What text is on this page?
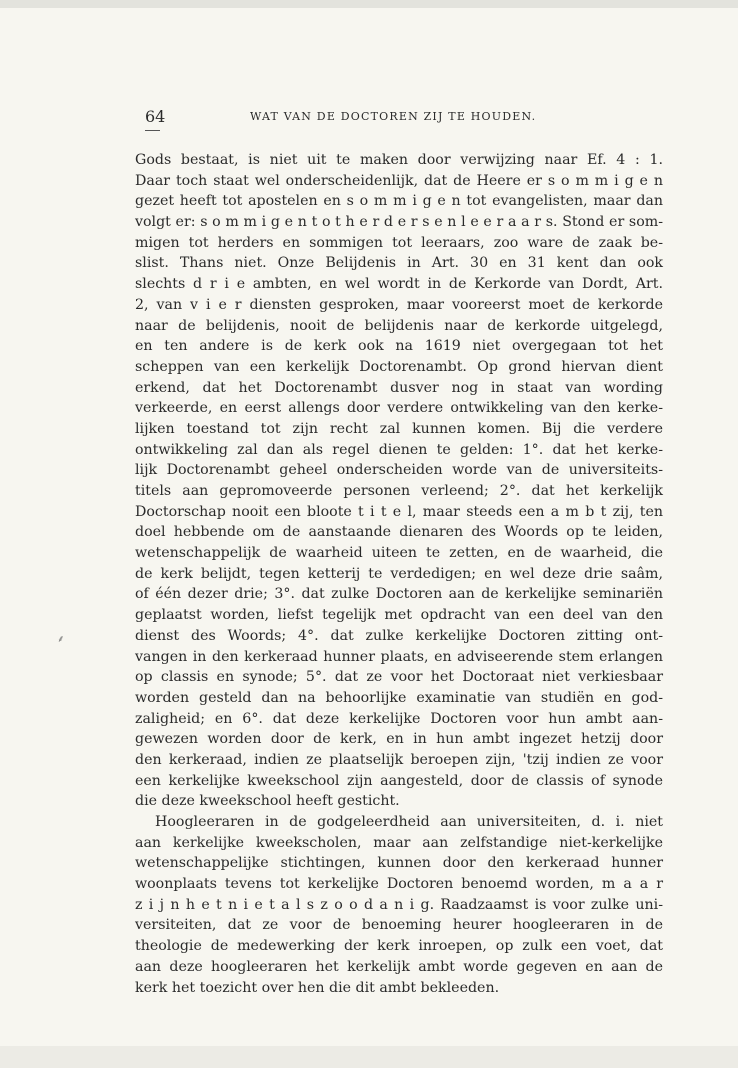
64	WAT VAN DE DOCTOREN ZIJ TE HOUDEN.
⸙
Gods bestaat, is niet uit te maken door verwijzing naar Ef. 4 : 1.
Daar toch staat wel onderscheidenlijk, dat de Heere er s o m m i g e n
gezet heeft tot apostelen en s o m m i g e n tot evangelisten, maar dan
volgt er: s o m m i g e n t o t h e r d e r s e n l e e r a a r s. Stond er som-
migen tot herders en sommigen tot leeraars, zoo ware de zaak be-
slist. Thans niet. Onze Belijdenis in Art. 30 en 31 kent dan ook
slechts d r i e ambten, en wel wordt in de Kerkorde van Dordt, Art.
2, van v i e r diensten gesproken, maar vooreerst moet de kerkorde
naar de belijdenis, nooit de belijdenis naar de kerkorde uitgelegd,
en ten andere is de kerk ook na 1619 niet overgegaan tot het
scheppen van een kerkelijk Doctorenambt. Op grond hiervan dient
erkend, dat het Doctorenambt dusver nog in staat van wording
verkeerde, en eerst allengs door verdere ontwikkeling van den kerke-
lijken toestand tot zijn recht zal kunnen komen. Bij die verdere
ontwikkeling zal dan als regel dienen te gelden: 1°. dat het kerke-
lijk Doctorenambt geheel onderscheiden worde van de universiteits-
titels aan gepromoveerde personen verleend; 2°. dat het kerkelijk
Doctorschap nooit een bloote t i t e l, maar steeds een a m b t zij, ten
doel hebbende om de aanstaande dienaren des Woords op te leiden,
wetenschappelijk de waarheid uiteen te zetten, en de waarheid, die
de kerk belijdt, tegen ketterij te verdedigen; en wel deze drie saâm,
of één dezer drie; 3°. dat zulke Doctoren aan de kerkelijke seminariën
geplaatst worden, liefst tegelijk met opdracht van een deel van den
dienst des Woords; 4°. dat zulke kerkelijke Doctoren zitting ont-
vangen in den kerkeraad hunner plaats, en adviseerende stem erlangen
op classis en synode; 5°. dat ze voor het Doctoraat niet verkiesbaar
worden gesteld dan na behoorlijke examinatie van studiën en god-
zaligheid; en 6°. dat deze kerkelijke Doctoren voor hun ambt aan-
gewezen worden door de kerk, en in hun ambt ingezet hetzij door
den kerkeraad, indien ze plaatselijk beroepen zijn, 'tzij indien ze voor
een kerkelijke kweekschool zijn aangesteld, door de classis of synode
die deze kweekschool heeft gesticht.
Hoogleeraren in de godgeleerdheid aan universiteiten, d. i. niet
aan kerkelijke kweekscholen, maar aan zelfstandige niet-kerkelijke
wetenschappelijke stichtingen, kunnen door den kerkeraad hunner
woonplaats tevens tot kerkelijke Doctoren benoemd worden, m a a r
z i j n h e t n i e t a l s z o o d a n i g. Raadzaamst is voor zulke uni-
versiteiten, dat ze voor de benoeming heurer hoogleeraren in de
theologie de medewerking der kerk inroepen, op zulk een voet, dat
aan deze hoogleeraren het kerkelijk ambt worde gegeven en aan de
kerk het toezicht over hen die dit ambt bekleeden.
